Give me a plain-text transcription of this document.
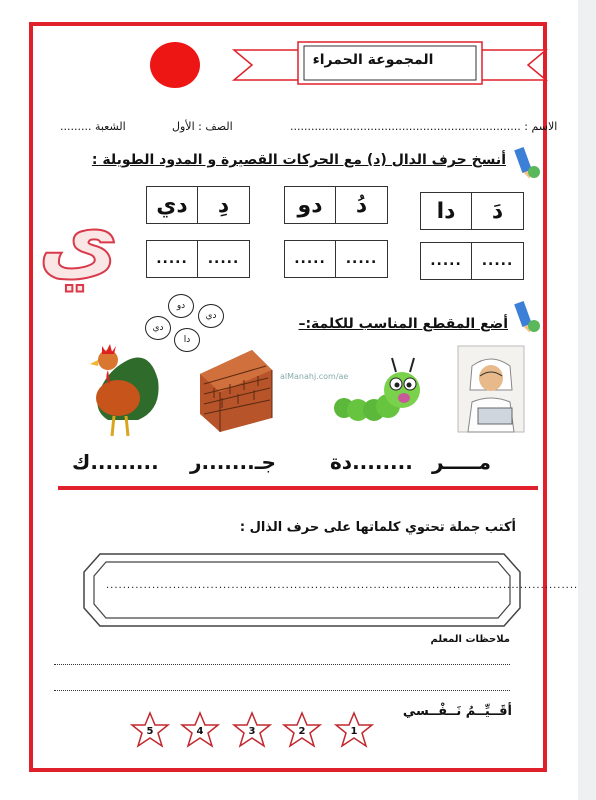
المجموعة الحمراء
الاسم : ..................................................................
الصف : الأول
الشعبة .........
أنسخ حرف الدال (د) مع الحركات القصيرة و المدود الطويلة :
دا	دَ
.....	.....
دو	دُ
.....	.....
دي	دِ
.....	.....
ي
أضع المقطع المناسب للكلمة:–
دو
دي
دي
دا
alManahj.com/ae
مـــــر
........دة
جـ.......ر
.........ك
أكتب جملة تحتوي كلماتها على حرف الذال :
.................................................................................................................
ملاحظات المعلم
أقَــيِّــمُ نَــفْــسي
5	4	3	2	1
